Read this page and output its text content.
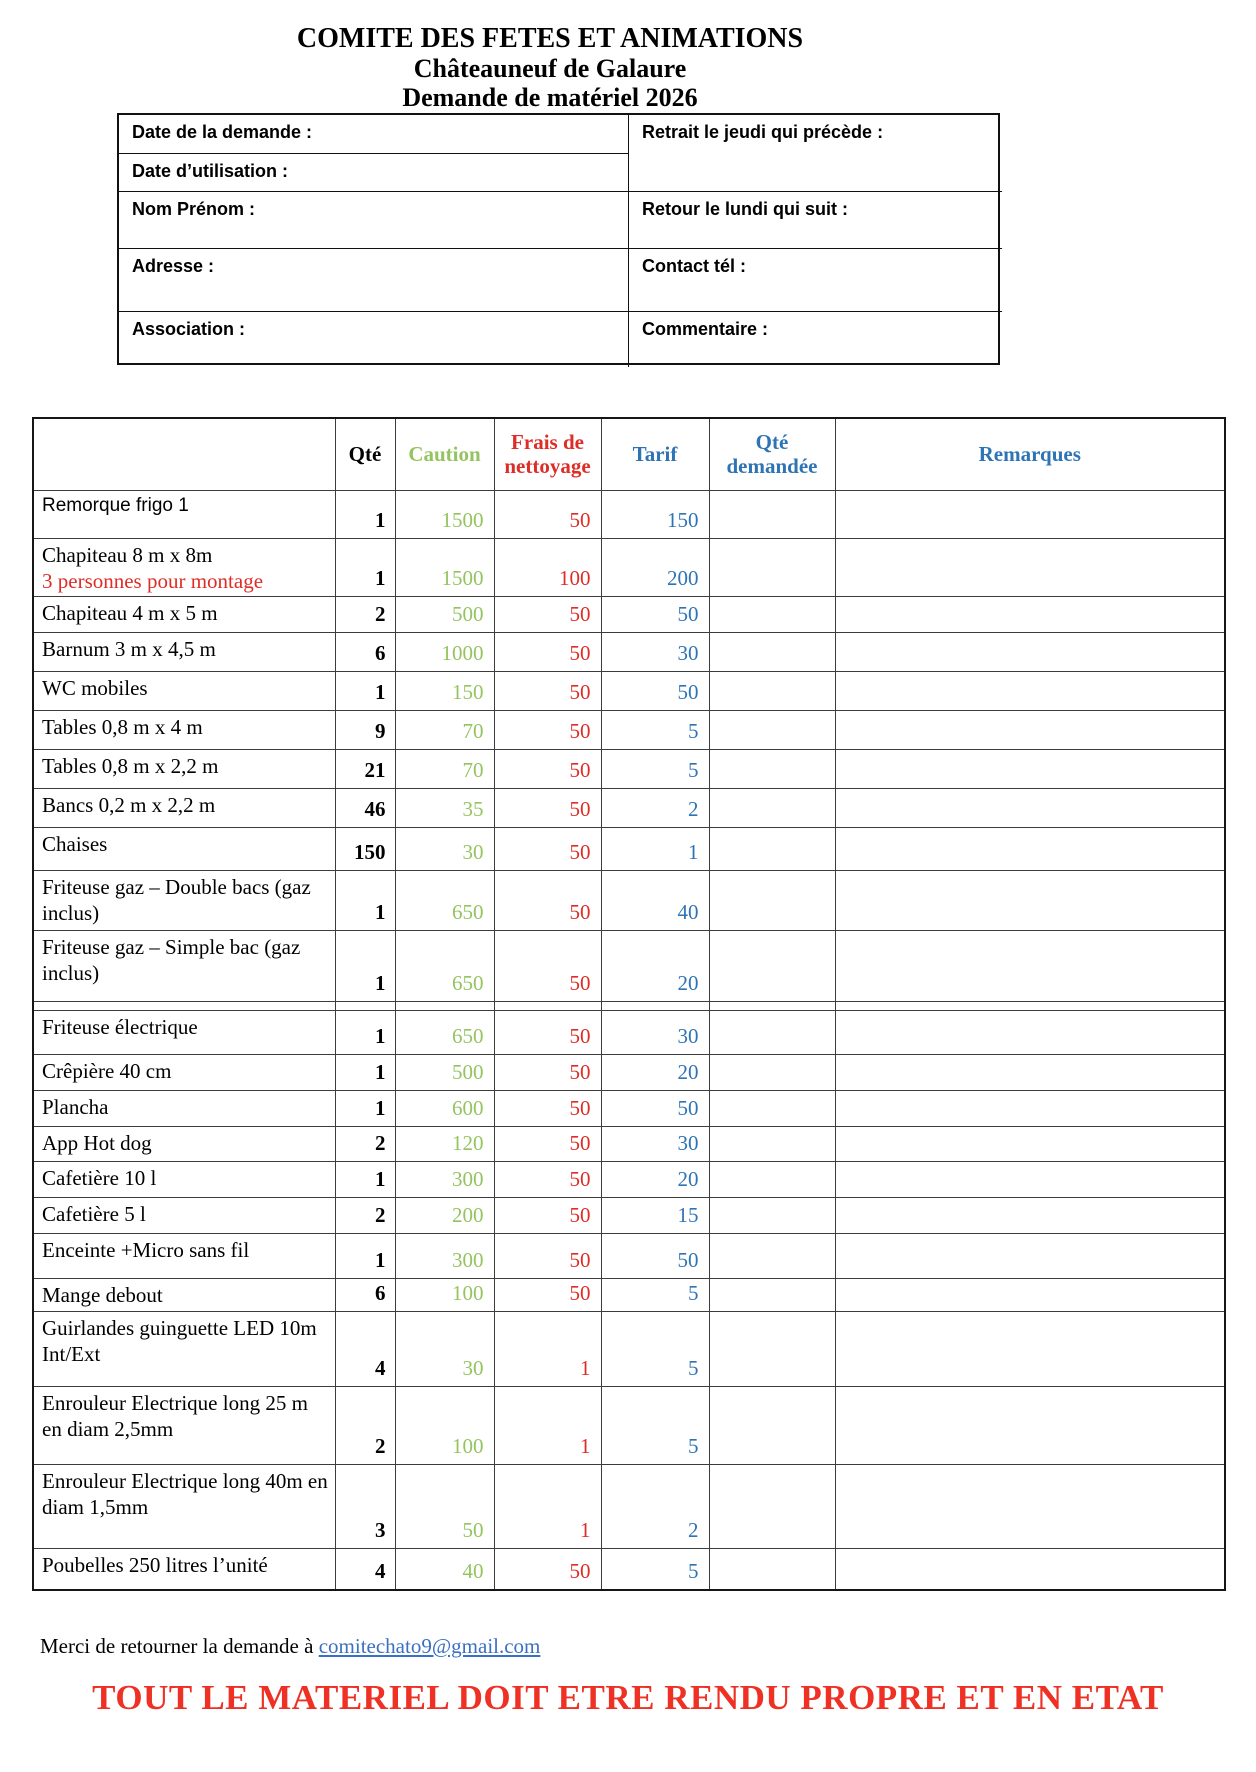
COMITE DES FETES ET ANIMATIONS
Châteauneuf de Galaure
Demande de matériel 2026
Date de la demande :	Retrait le jeudi qui précède :
Date d’utilisation :
Nom Prénom :	Retour le lundi qui suit :
Adresse :	Contact tél :
Association :	Commentaire :
	Qté	Caution	Frais de nettoyage	Tarif	Qté demandée	Remarques

Remorque frigo 1	1	1500	50	150		

Chapiteau 8 m x 8m
3 personnes pour montage	1	1500	100	200		

Chapiteau 4 m x 5 m	2	500	50	50		

Barnum 3 m x 4,5 m	6	1000	50	30		

WC mobiles	1	150	50	50		

Tables 0,8 m x 4 m	9	70	50	5		

Tables 0,8 m x 2,2 m	21	70	50	5		

Bancs 0,2 m x 2,2 m	46	35	50	2		

Chaises	150	30	50	1		

Friteuse gaz – Double bacs (gaz inclus)	1	650	50	40		

Friteuse gaz – Simple bac (gaz inclus)	1	650	50	20		

Friteuse électrique	1	650	50	30		

Crêpière 40 cm	1	500	50	20		

Plancha	1	600	50	50		

App Hot dog	2	120	50	30		

Cafetière 10 l	1	300	50	20		

Cafetière 5 l	2	200	50	15		

Enceinte +Micro sans fil	1	300	50	50		

Mange debout	6	100	50	5		

Guirlandes guinguette LED 10m Int/Ext	4	30	1	5		

Enrouleur Electrique long 25 m en diam 2,5mm	2	100	1	5		

Enrouleur Electrique long 40m en diam 1,5mm	3	50	1	2		

Poubelles 250 litres l’unité	4	40	50	5		
Merci de retourner la demande à comitechato9@gmail.com
TOUT LE MATERIEL DOIT ETRE RENDU PROPRE ET EN ETAT
